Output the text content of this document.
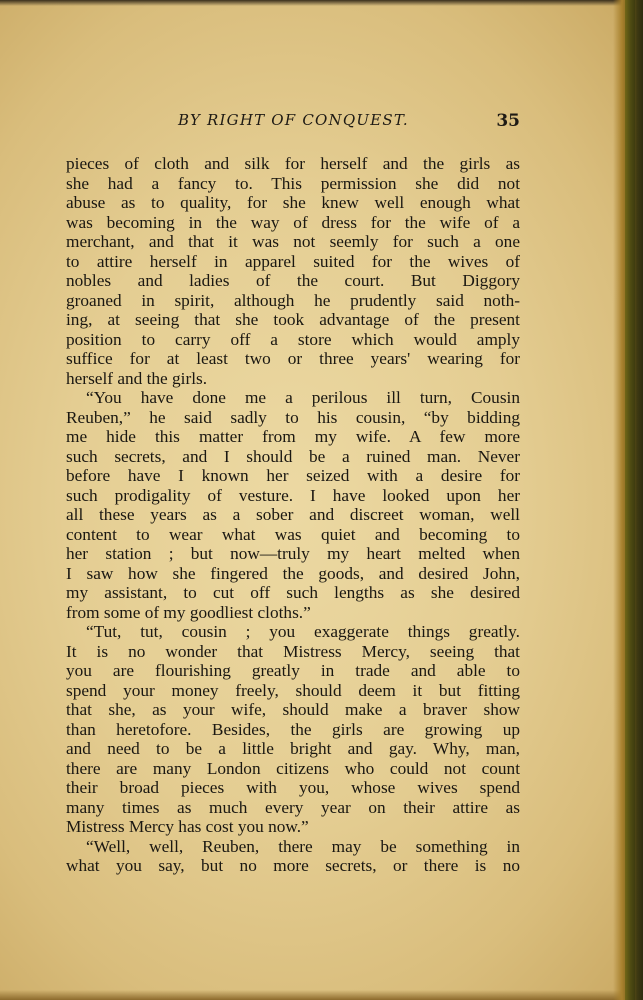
BY RIGHT OF CONQUEST.	35
pieces of cloth and silk for herself and the girls as
she had a fancy to. This permission she did not
abuse as to quality, for she knew well enough what
was becoming in the way of dress for the wife of a
merchant, and that it was not seemly for such a one
to attire herself in apparel suited for the wives of
nobles and ladies of the court. But Diggory
groaned in spirit, although he prudently said noth-
ing, at seeing that she took advantage of the present
position to carry off a store which would amply
suffice for at least two or three years' wearing for
herself and the girls.
“You have done me a perilous ill turn, Cousin
Reuben,” he said sadly to his cousin, “by bidding
me hide this matter from my wife. A few more
such secrets, and I should be a ruined man. Never
before have I known her seized with a desire for
such prodigality of vesture. I have looked upon her
all these years as a sober and discreet woman, well
content to wear what was quiet and becoming to
her station ; but now—truly my heart melted when
I saw how she fingered the goods, and desired John,
my assistant, to cut off such lengths as she desired
from some of my goodliest cloths.”
“Tut, tut, cousin ; you exaggerate things greatly.
It is no wonder that Mistress Mercy, seeing that
you are flourishing greatly in trade and able to
spend your money freely, should deem it but fitting
that she, as your wife, should make a braver show
than heretofore. Besides, the girls are growing up
and need to be a little bright and gay. Why, man,
there are many London citizens who could not count
their broad pieces with you, whose wives spend
many times as much every year on their attire as
Mistress Mercy has cost you now.”
“Well, well, Reuben, there may be something in
what you say, but no more secrets, or there is no
